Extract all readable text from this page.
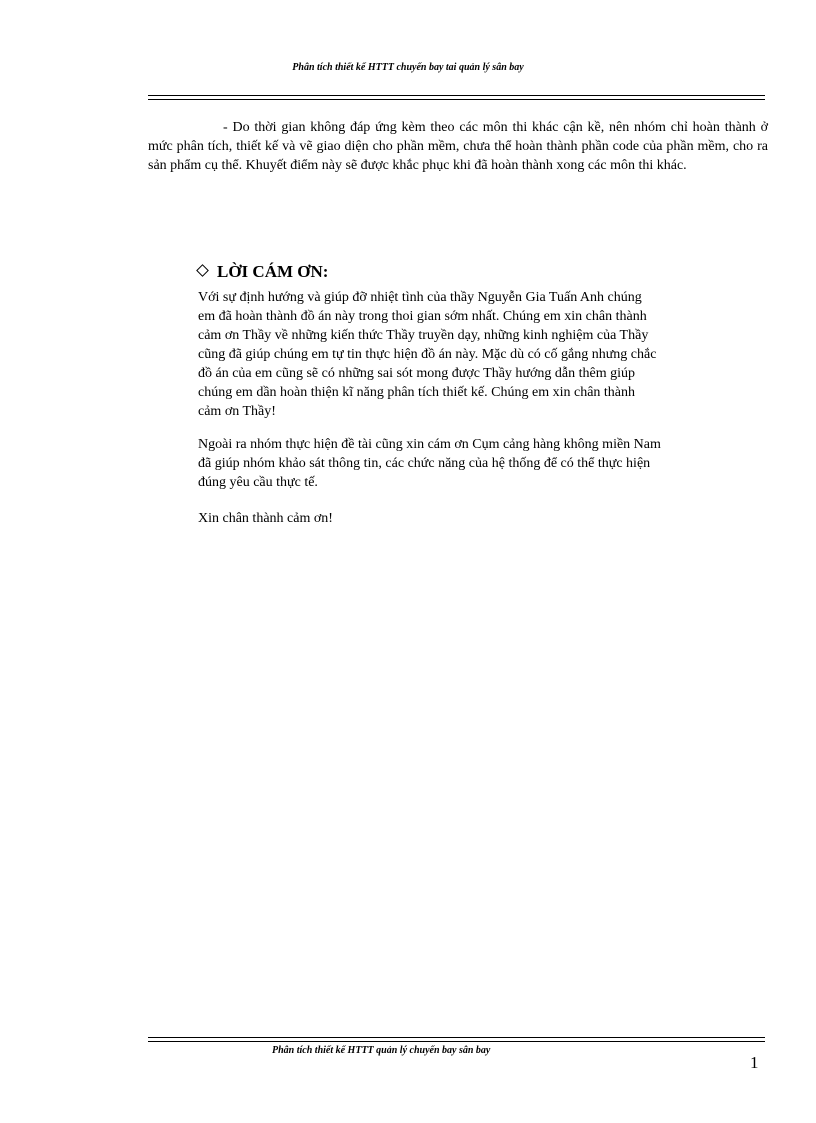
Phân tích thiết kế HTTT chuyến bay tai quản lý sân bay
- Do thời gian không đáp ứng kèm theo các môn thi khác cận kề, nên nhóm chỉ hoàn thành ở mức phân tích, thiết kế và vẽ giao diện cho phần mềm, chưa thể hoàn thành phần code của phần mềm, cho ra sản phẩm cụ thể. Khuyết điểm này sẽ được khắc phục khi đã hoàn thành xong các môn thi khác.
LỜI CÁM ƠN:
Với sự định hướng và giúp đỡ nhiệt tình của thầy Nguyễn Gia Tuấn Anh chúng
em đã hoàn thành đồ án này trong thoi gian sớm nhất. Chúng em xin chân thành
cảm ơn Thầy về những kiến thức Thầy truyền dạy, những kinh nghiệm của Thầy
cũng đã giúp chúng em tự tin thực hiện đồ án này. Mặc dù có cố gắng nhưng chắc
đồ án của em cũng sẽ có những sai sót mong được Thầy hướng dẫn thêm giúp
chúng em dần hoàn thiện kĩ năng phân tích thiết kế. Chúng em xin chân thành
cảm ơn Thầy!
Ngoài ra nhóm thực hiện đề tài cũng xin cám ơn Cụm cảng hàng không miền Nam
đã giúp nhóm khảo sát thông tin, các chức năng của hệ thống để có thể thực hiện
đúng yêu cầu thực tế.
Xin chân thành cảm ơn!
Phân tích thiết kế HTTT quản lý chuyến bay sân bay
1
